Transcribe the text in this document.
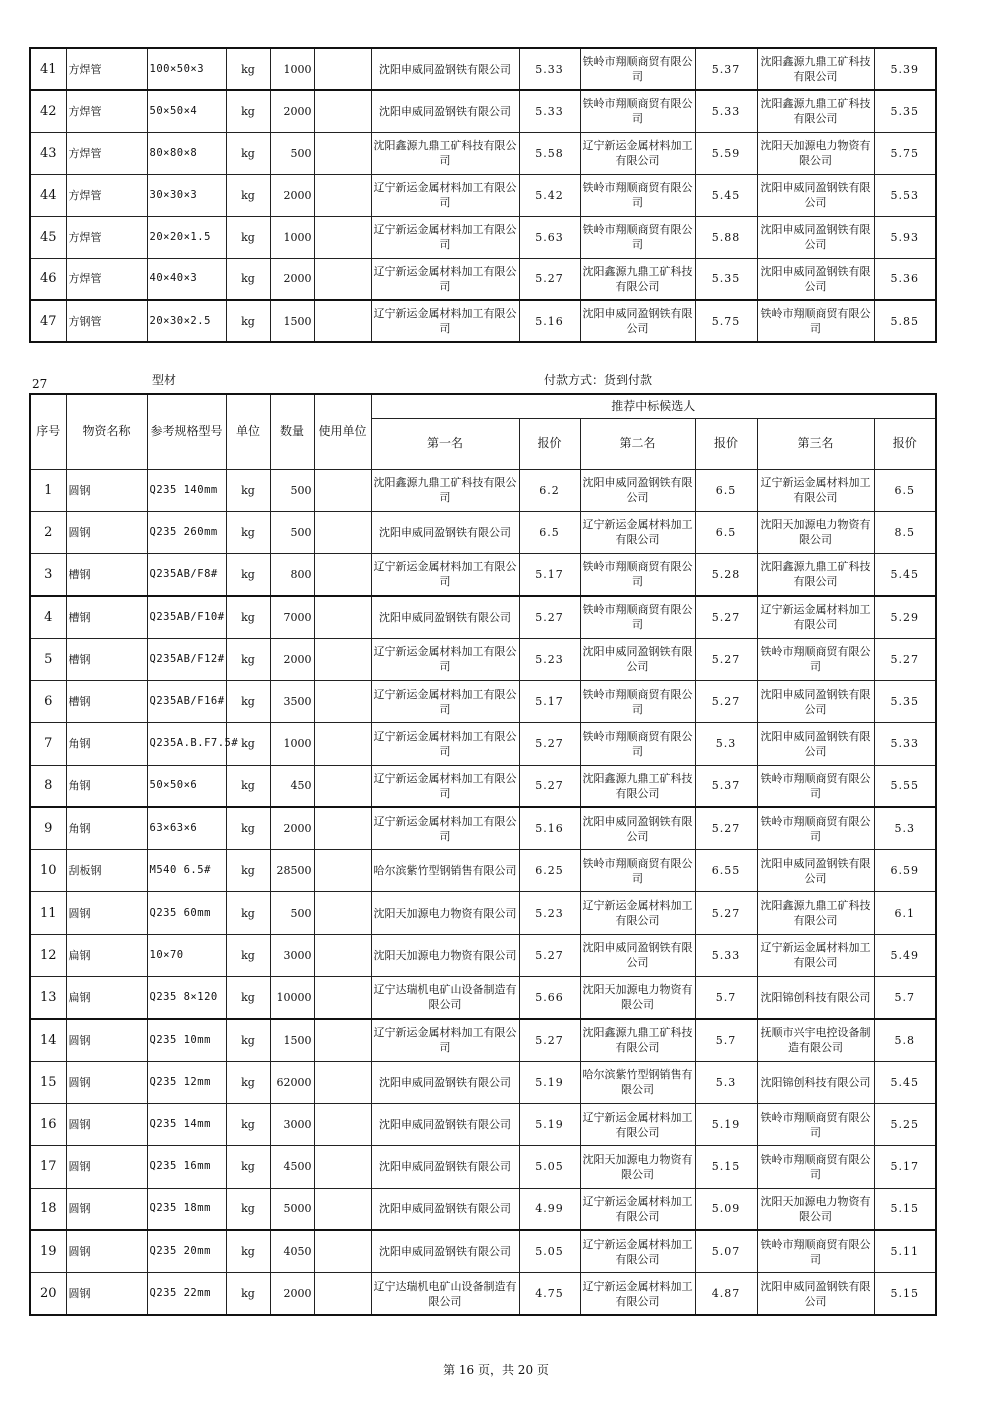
41	方焊管	100×50×3	kg	1000		沈阳申威同盈钢铁有限公司	5.33	铁岭市翔顺商贸有限公司	5.37	沈阳鑫源九鼎工矿科技有限公司	5.39
42	方焊管	50×50×4	kg	2000		沈阳申威同盈钢铁有限公司	5.33	铁岭市翔顺商贸有限公司	5.33	沈阳鑫源九鼎工矿科技有限公司	5.35
43	方焊管	80×80×8	kg	500		沈阳鑫源九鼎工矿科技有限公司	5.58	辽宁新运金属材料加工有限公司	5.59	沈阳天加源电力物资有限公司	5.75
44	方焊管	30×30×3	kg	2000		辽宁新运金属材料加工有限公司	5.42	铁岭市翔顺商贸有限公司	5.45	沈阳申威同盈钢铁有限公司	5.53
45	方焊管	20×20×1.5	kg	1000		辽宁新运金属材料加工有限公司	5.63	铁岭市翔顺商贸有限公司	5.88	沈阳申威同盈钢铁有限公司	5.93
46	方焊管	40×40×3	kg	2000		辽宁新运金属材料加工有限公司	5.27	沈阳鑫源九鼎工矿科技有限公司	5.35	沈阳申威同盈钢铁有限公司	5.36
47	方钢管	20×30×2.5	kg	1500		辽宁新运金属材料加工有限公司	5.16	沈阳申威同盈钢铁有限公司	5.75	铁岭市翔顺商贸有限公司	5.85
27	型材	付款方式：货到付款
序号	物资名称	参考规格型号	单位	数量	使用单位	推荐中标候选人					
						第一名	报价	第二名	报价	第三名	报价
1	圆钢	Q235 140mm	kg	500		沈阳鑫源九鼎工矿科技有限公司	6.2	沈阳申威同盈钢铁有限公司	6.5	辽宁新运金属材料加工有限公司	6.5
2	圆钢	Q235 260mm	kg	500		沈阳申威同盈钢铁有限公司	6.5	辽宁新运金属材料加工有限公司	6.5	沈阳天加源电力物资有限公司	8.5
3	槽钢	Q235AB/F8#	kg	800		辽宁新运金属材料加工有限公司	5.17	铁岭市翔顺商贸有限公司	5.28	沈阳鑫源九鼎工矿科技有限公司	5.45
4	槽钢	Q235AB/F10#	kg	7000		沈阳申威同盈钢铁有限公司	5.27	铁岭市翔顺商贸有限公司	5.27	辽宁新运金属材料加工有限公司	5.29
5	槽钢	Q235AB/F12#	kg	2000		辽宁新运金属材料加工有限公司	5.23	沈阳申威同盈钢铁有限公司	5.27	铁岭市翔顺商贸有限公司	5.27
6	槽钢	Q235AB/F16#	kg	3500		辽宁新运金属材料加工有限公司	5.17	铁岭市翔顺商贸有限公司	5.27	沈阳申威同盈钢铁有限公司	5.35
7	角钢	Q235A.B.F7.5#	kg	1000		辽宁新运金属材料加工有限公司	5.27	铁岭市翔顺商贸有限公司	5.3	沈阳申威同盈钢铁有限公司	5.33
8	角钢	50×50×6	kg	450		辽宁新运金属材料加工有限公司	5.27	沈阳鑫源九鼎工矿科技有限公司	5.37	铁岭市翔顺商贸有限公司	5.55
9	角钢	63×63×6	kg	2000		辽宁新运金属材料加工有限公司	5.16	沈阳申威同盈钢铁有限公司	5.27	铁岭市翔顺商贸有限公司	5.3
10	刮板钢	M540 6.5#	kg	28500		哈尔滨紫竹型钢销售有限公司	6.25	铁岭市翔顺商贸有限公司	6.55	沈阳申威同盈钢铁有限公司	6.59
11	圆钢	Q235 60mm	kg	500		沈阳天加源电力物资有限公司	5.23	辽宁新运金属材料加工有限公司	5.27	沈阳鑫源九鼎工矿科技有限公司	6.1
12	扁钢	10×70	kg	3000		沈阳天加源电力物资有限公司	5.27	沈阳申威同盈钢铁有限公司	5.33	辽宁新运金属材料加工有限公司	5.49
13	扁钢	Q235 8×120	kg	10000		辽宁达瑞机电矿山设备制造有限公司	5.66	沈阳天加源电力物资有限公司	5.7	沈阳锦创科技有限公司	5.7
14	圆钢	Q235 10mm	kg	1500		辽宁新运金属材料加工有限公司	5.27	沈阳鑫源九鼎工矿科技有限公司	5.7	抚顺市兴宇电控设备制造有限公司	5.8
15	圆钢	Q235 12mm	kg	62000		沈阳申威同盈钢铁有限公司	5.19	哈尔滨紫竹型钢销售有限公司	5.3	沈阳锦创科技有限公司	5.45
16	圆钢	Q235 14mm	kg	3000		沈阳申威同盈钢铁有限公司	5.19	辽宁新运金属材料加工有限公司	5.19	铁岭市翔顺商贸有限公司	5.25
17	圆钢	Q235 16mm	kg	4500		沈阳申威同盈钢铁有限公司	5.05	沈阳天加源电力物资有限公司	5.15	铁岭市翔顺商贸有限公司	5.17
18	圆钢	Q235 18mm	kg	5000		沈阳申威同盈钢铁有限公司	4.99	辽宁新运金属材料加工有限公司	5.09	沈阳天加源电力物资有限公司	5.15
19	圆钢	Q235 20mm	kg	4050		沈阳申威同盈钢铁有限公司	5.05	辽宁新运金属材料加工有限公司	5.07	铁岭市翔顺商贸有限公司	5.11
20	圆钢	Q235 22mm	kg	2000		辽宁达瑞机电矿山设备制造有限公司	4.75	辽宁新运金属材料加工有限公司	4.87	沈阳申威同盈钢铁有限公司	5.15
第 16 页，共 20 页
